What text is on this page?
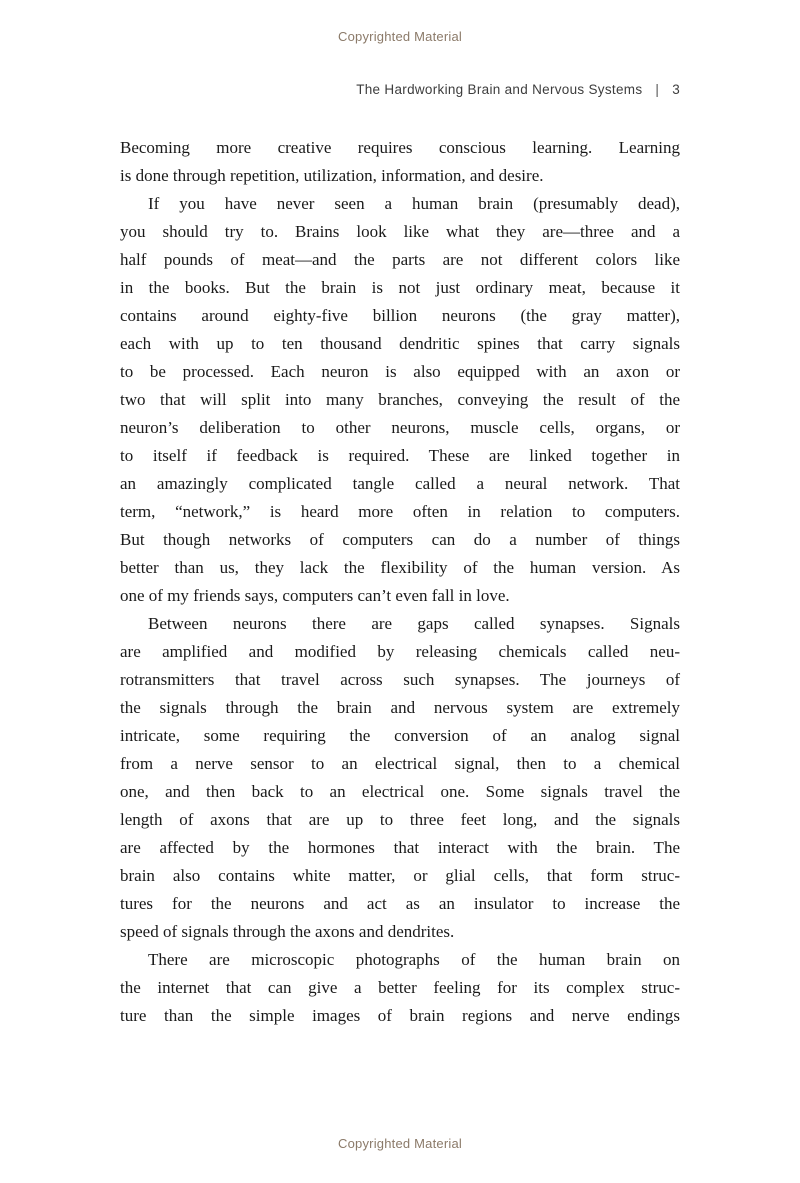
Copyrighted Material
The Hardworking Brain and Nervous Systems | 3
Becoming more creative requires conscious learning. Learning
is done through repetition, utilization, information, and desire.
If you have never seen a human brain (presumably dead),
you should try to. Brains look like what they are—three and a
half pounds of meat—and the parts are not different colors like
in the books. But the brain is not just ordinary meat, because it
contains around eighty-five billion neurons (the gray matter),
each with up to ten thousand dendritic spines that carry signals
to be processed. Each neuron is also equipped with an axon or
two that will split into many branches, conveying the result of the
neuron’s deliberation to other neurons, muscle cells, organs, or
to itself if feedback is required. These are linked together in
an amazingly complicated tangle called a neural network. That
term, “network,” is heard more often in relation to computers.
But though networks of computers can do a number of things
better than us, they lack the flexibility of the human version. As
one of my friends says, computers can’t even fall in love.
Between neurons there are gaps called synapses. Signals
are amplified and modified by releasing chemicals called neu-
rotransmitters that travel across such synapses. The journeys of
the signals through the brain and nervous system are extremely
intricate, some requiring the conversion of an analog signal
from a nerve sensor to an electrical signal, then to a chemical
one, and then back to an electrical one. Some signals travel the
length of axons that are up to three feet long, and the signals
are affected by the hormones that interact with the brain. The
brain also contains white matter, or glial cells, that form struc-
tures for the neurons and act as an insulator to increase the
speed of signals through the axons and dendrites.
There are microscopic photographs of the human brain on
the internet that can give a better feeling for its complex struc-
ture than the simple images of brain regions and nerve endings
Copyrighted Material
